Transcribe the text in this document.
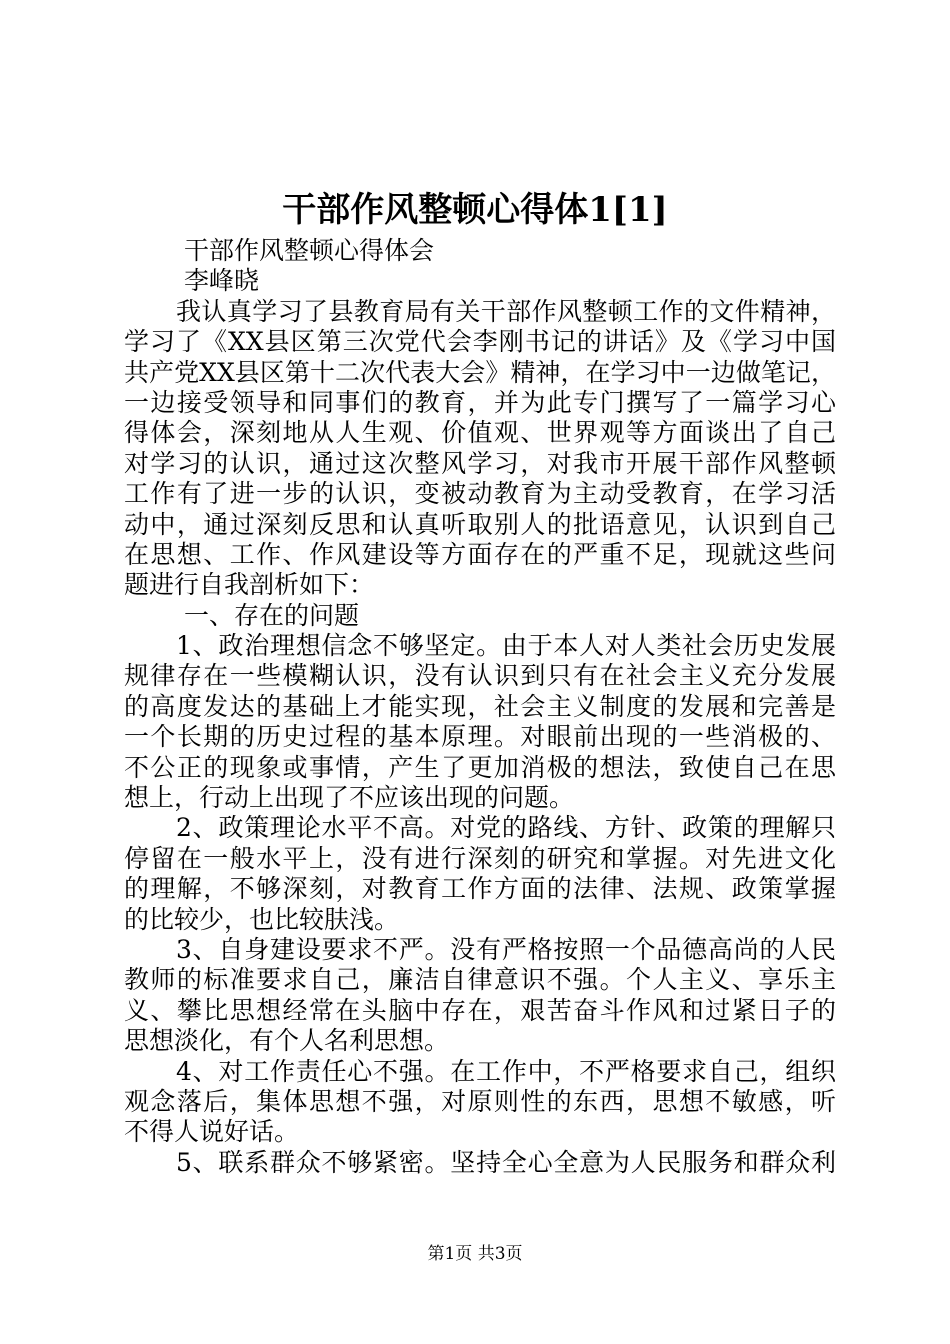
干部作风整顿心得体1[1]
干部作风整顿心得体会
李峰晓
我认真学习了县教育局有关干部作风整顿工作的文件精神，
学习了《XX县区第三次党代会李刚书记的讲话》及《学习中国
共产党XX县区第十二次代表大会》精神，在学习中一边做笔记，
一边接受领导和同事们的教育，并为此专门撰写了一篇学习心
得体会，深刻地从人生观、价值观、世界观等方面谈出了自己
对学习的认识，通过这次整风学习，对我市开展干部作风整顿
工作有了进一步的认识，变被动教育为主动受教育，在学习活
动中，通过深刻反思和认真听取别人的批语意见，认识到自己
在思想、工作、作风建设等方面存在的严重不足，现就这些问
题进行自我剖析如下：
一、存在的问题
1、政治理想信念不够坚定。由于本人对人类社会历史发展
规律存在一些模糊认识，没有认识到只有在社会主义充分发展
的高度发达的基础上才能实现，社会主义制度的发展和完善是
一个长期的历史过程的基本原理。对眼前出现的一些消极的、
不公正的现象或事情，产生了更加消极的想法，致使自己在思
想上，行动上出现了不应该出现的问题。
2、政策理论水平不高。对党的路线、方针、政策的理解只
停留在一般水平上，没有进行深刻的研究和掌握。对先进文化
的理解，不够深刻，对教育工作方面的法律、法规、政策掌握
的比较少，也比较肤浅。
3、自身建设要求不严。没有严格按照一个品德高尚的人民
教师的标准要求自己，廉洁自律意识不强。个人主义、享乐主
义、攀比思想经常在头脑中存在，艰苦奋斗作风和过紧日子的
思想淡化，有个人名利思想。
4、对工作责任心不强。在工作中，不严格要求自己，组织
观念落后，集体思想不强，对原则性的东西，思想不敏感，听
不得人说好话。
5、联系群众不够紧密。坚持全心全意为人民服务和群众利
第1页 共3页
